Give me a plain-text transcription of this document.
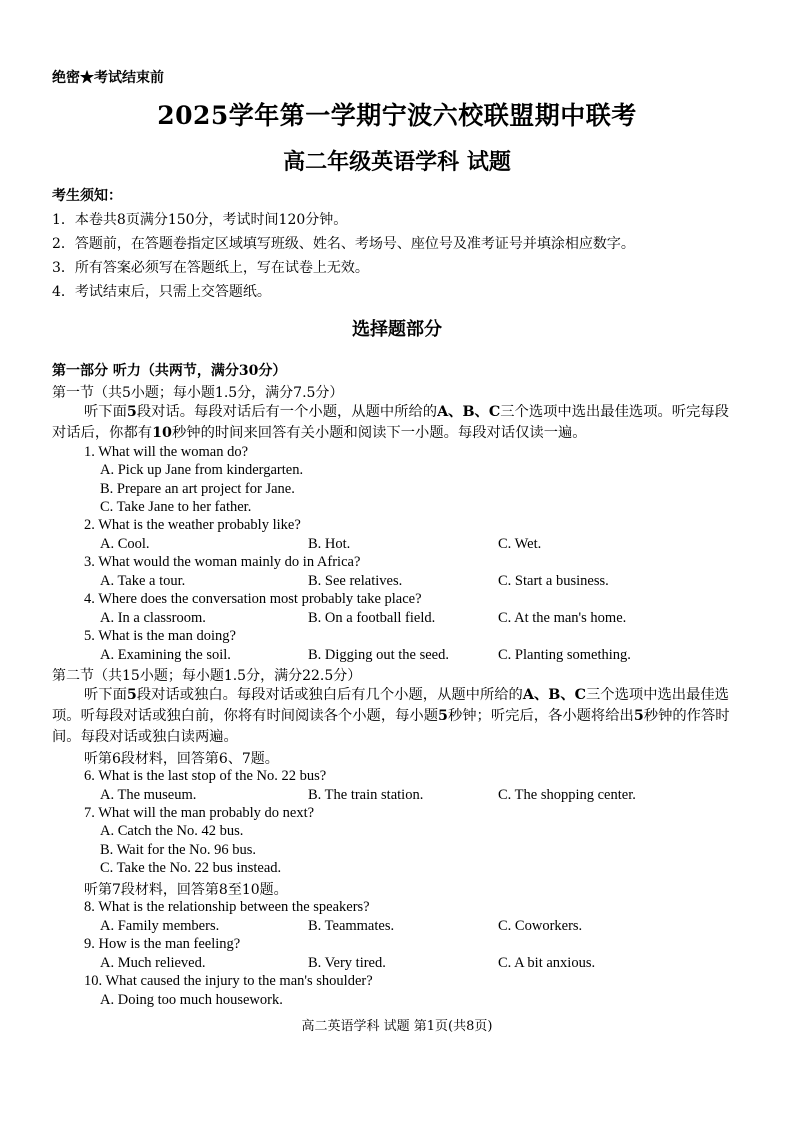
绝密★考试结束前
2025学年第一学期宁波六校联盟期中联考
高二年级英语学科 试题
考生须知：
1．本卷共8页满分150分，考试时间120分钟。
2．答题前，在答题卷指定区域填写班级、姓名、考场号、座位号及准考证号并填涂相应数字。
3．所有答案必须写在答题纸上，写在试卷上无效。
4．考试结束后，只需上交答题纸。
选择题部分
第一部分 听力（共两节，满分30分）
第一节（共5小题；每小题1.5分，满分7.5分）
听下面5段对话。每段对话后有一个小题，从题中所给的A、B、C三个选项中选出最佳选项。听完每段对话后，你都有10秒钟的时间来回答有关小题和阅读下一小题。每段对话仅读一遍。
1. What will the woman do?
A. Pick up Jane from kindergarten.
B. Prepare an art project for Jane.
C. Take Jane to her father.
2. What is the weather probably like?
A. Cool.	B. Hot.	C. Wet.
3. What would the woman mainly do in Africa?
A. Take a tour.	B. See relatives.	C. Start a business.
4. Where does the conversation most probably take place?
A. In a classroom.	B. On a football field.	C. At the man's home.
5. What is the man doing?
A. Examining the soil.	B. Digging out the seed.	C. Planting something.
第二节（共15小题；每小题1.5分，满分22.5分）
听下面5段对话或独白。每段对话或独白后有几个小题，从题中所给的A、B、C三个选项中选出最佳选项。听每段对话或独白前，你将有时间阅读各个小题，每小题5秒钟；听完后，各小题将给出5秒钟的作答时间。每段对话或独白读两遍。
听第6段材料，回答第6、7题。
6. What is the last stop of the No. 22 bus?
A. The museum.	B. The train station.	C. The shopping center.
7. What will the man probably do next?
A. Catch the No. 42 bus.
B. Wait for the No. 96 bus.
C. Take the No. 22 bus instead.
听第7段材料，回答第8至10题。
8. What is the relationship between the speakers?
A. Family members.	B. Teammates.	C. Coworkers.
9. How is the man feeling?
A. Much relieved.	B. Very tired.	C. A bit anxious.
10. What caused the injury to the man's shoulder?
A. Doing too much housework.
高二英语学科 试题 第1页(共8页)
